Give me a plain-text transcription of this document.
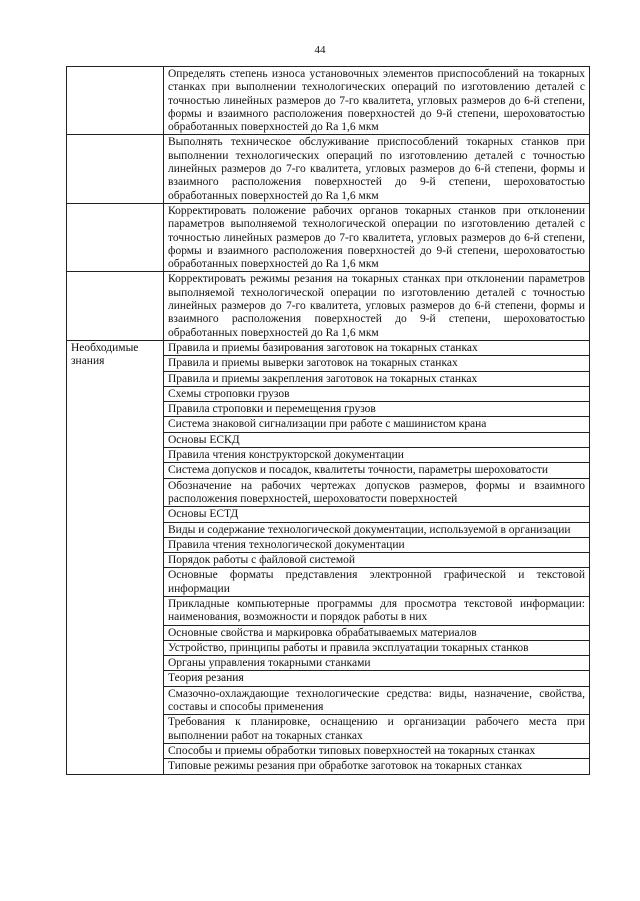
44
	Определять степень износа установочных элементов приспособлений на токарных станках при выполнении технологических операций по изготовлению деталей с точностью линейных размеров до 7-го квалитета, угловых размеров до 6-й степени, формы и взаимного расположения поверхностей до 9-й степени, шероховатостью обработанных поверхностей до Ra 1,6 мкм
	Выполнять техническое обслуживание приспособлений токарных станков при выполнении технологических операций по изготовлению деталей с точностью линейных размеров до 7-го квалитета, угловых размеров до 6-й степени, формы и взаимного расположения поверхностей до 9-й степени, шероховатостью обработанных поверхностей до Ra 1,6 мкм
	Корректировать положение рабочих органов токарных станков при отклонении параметров выполняемой технологической операции по изготовлению деталей с точностью линейных размеров до 7-го квалитета, угловых размеров до 6-й степени, формы и взаимного расположения поверхностей до 9-й степени, шероховатостью обработанных поверхностей до Ra 1,6 мкм
	Корректировать режимы резания на токарных станках при отклонении параметров выполняемой технологической операции по изготовлению деталей с точностью линейных размеров до 7-го квалитета, угловых размеров до 6-й степени, формы и взаимного расположения поверхностей до 9-й степени, шероховатостью обработанных поверхностей до Ra 1,6 мкм
Необходимые знания	Правила и приемы базирования заготовок на токарных станках
	Правила и приемы выверки заготовок на токарных станках
	Правила и приемы закрепления заготовок на токарных станках
	Схемы строповки грузов
	Правила строповки и перемещения грузов
	Система знаковой сигнализации при работе с машинистом крана
	Основы ЕСКД
	Правила чтения конструкторской документации
	Система допусков и посадок, квалитеты точности, параметры шероховатости
	Обозначение на рабочих чертежах допусков размеров, формы и взаимного расположения поверхностей, шероховатости поверхностей
	Основы ЕСТД
	Виды и содержание технологической документации, используемой в организации
	Правила чтения технологической документации
	Порядок работы с файловой системой
	Основные форматы представления электронной графической и текстовой информации
	Прикладные компьютерные программы для просмотра текстовой информации: наименования, возможности и порядок работы в них
	Основные свойства и маркировка обрабатываемых материалов
	Устройство, принципы работы и правила эксплуатации токарных станков
	Органы управления токарными станками
	Теория резания
	Смазочно-охлаждающие технологические средства: виды, назначение, свойства, составы и способы применения
	Требования к планировке, оснащению и организации рабочего места при выполнении работ на токарных станках
	Способы и приемы обработки типовых поверхностей на токарных станках
	Типовые режимы резания при обработке заготовок на токарных станках
